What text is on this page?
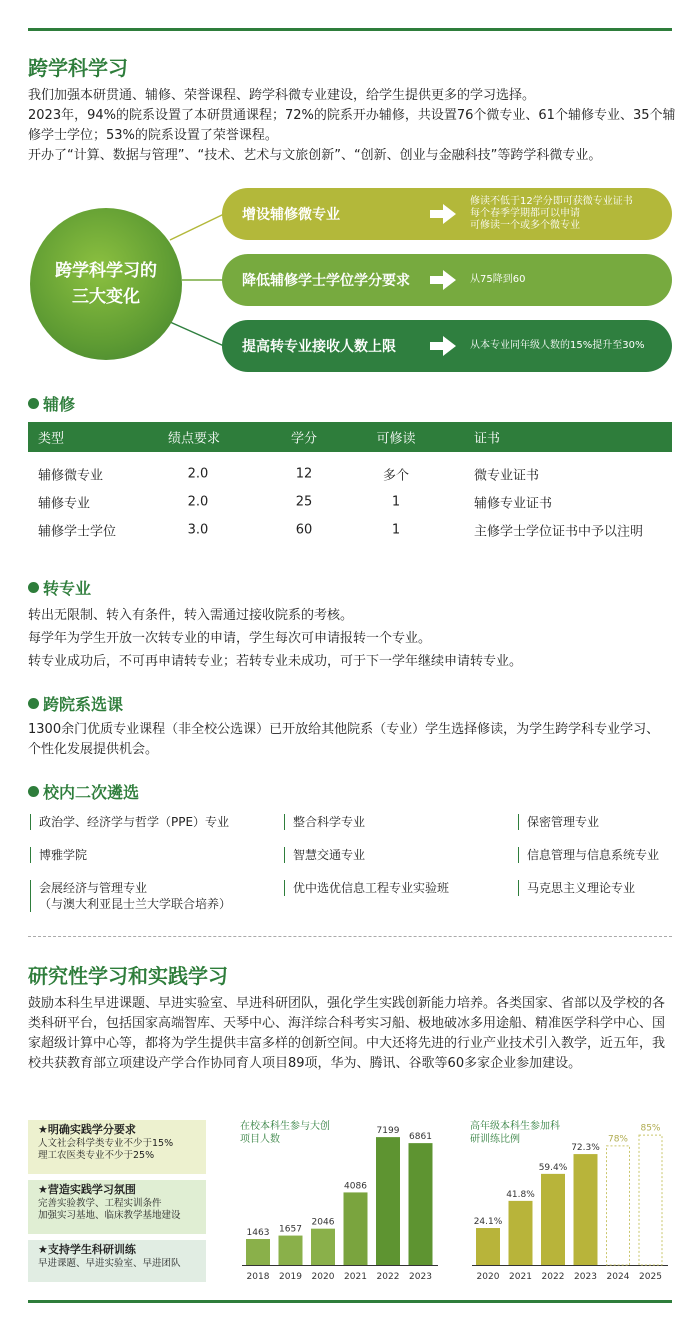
跨学科学习

我们加强本研贯通、辅修、荣誉课程、跨学科微专业建设，给学生提供更多的学习选择。

2023年，94%的院系设置了本研贯通课程；72%的院系开办辅修，共设置76个微专业、61个辅修专业、35个辅修学士学位；53%的院系设置了荣誉课程。

开办了“计算、数据与管理”、“技术、艺术与文旅创新”、“创新、创业与金融科技”等跨学科微专业。

跨学科学习的
三大变化
增设辅修微专业
修读不低于12学分即可获微专业证书
每个春季学期都可以申请
可修读一个或多个微专业
降低辅修学士学位学分要求	从75降到60
提高转专业接收人数上限	从本专业同年级人数的15%提升至30%
辅修
类型	绩点要求	学分	可修读	证书
辅修微专业	2.0	12	多个	微专业证书
辅修专业	2.0	25	1	辅修专业证书
辅修学士学位	3.0	60	1	主修学士学位证书中予以注明
转专业

转出无限制、转入有条件，转入需通过接收院系的考核。

每学年为学生开放一次转专业的申请，学生每次可申请报转一个专业。

转专业成功后，不可再申请转专业；若转专业未成功，可于下一学年继续申请转专业。

跨院系选课
1300余门优质专业课程（非全校公选课）已开放给其他院系（专业）学生选择修读，为学生跨学科专业学习、个性化发展提供机会。
校内二次遴选
政治学、经济学与哲学（PPE）专业	整合科学专业	保密管理专业
博雅学院	智慧交通专业	信息管理与信息系统专业
会展经济与管理专业
（与澳大利亚昆士兰大学联合培养）
优中选优信息工程专业实验班	马克思主义理论专业
研究性学习和实践学习
鼓励本科生早进课题、早进实验室、早进科研团队，强化学生实践创新能力培养。各类国家、省部以及学校的各类科研平台，包括国家高端智库、天琴中心、海洋综合科考实习船、极地破冰多用途船、精准医学科学中心、国家超级计算中心等，都将为学生提供丰富多样的创新空间。中大还将先进的行业产业技术引入教学，近五年，我校共获教育部立项建设产学合作协同育人项目89项，华为、腾讯、谷歌等60多家企业参加建设。
★明确实践学分要求
人文社会科学类专业不少于15%
理工农医类专业不少于25%
★营造实践学习氛围
完善实验教学、工程实训条件
加强实习基地、临床教学基地建设
★支持学生科研训练
早进课题、早进实验室、早进团队
在校本科生参与大创项目人数
1463
2018
1657
2019
2046
2020
4086
2021
7199
2022
6861
2023
高年级本科生参加科研训练比例
24.1%
2020
41.8%
2021
59.4%
2022
72.3%
2023
78%
2024
85%
2025
